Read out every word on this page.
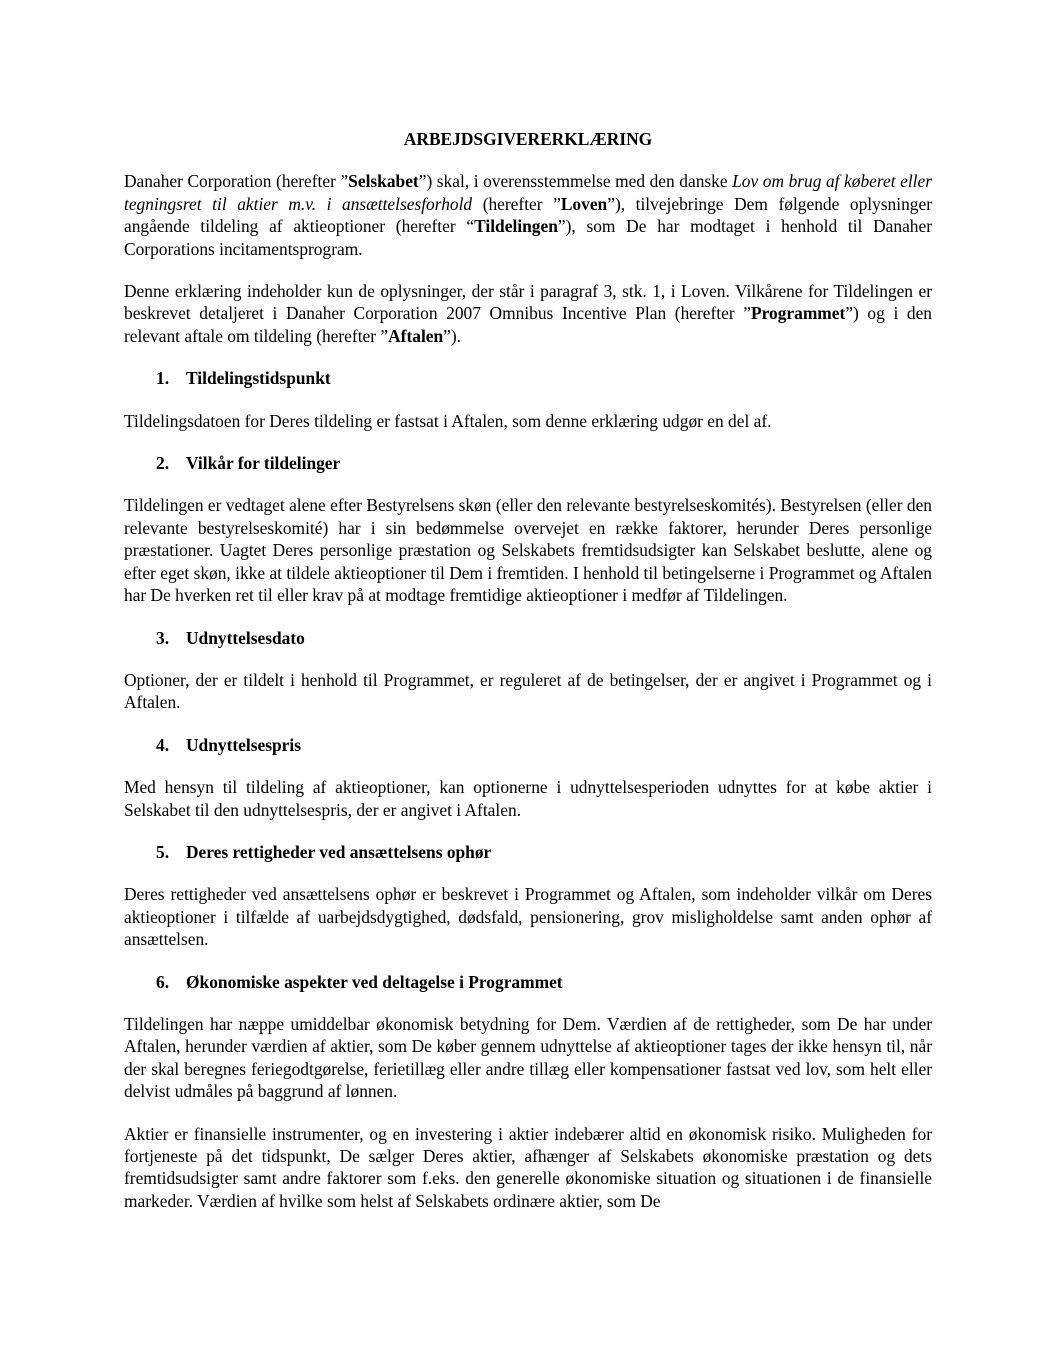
ARBEJDSGIVERERKLÆRING
Danaher Corporation (herefter ”Selskabet”) skal, i overensstemmelse med den danske Lov om brug af køberet eller tegningsret til aktier m.v. i ansættelsesforhold (herefter ”Loven”), tilvejebringe Dem følgende oplysninger angående tildeling af aktieoptioner (herefter “Tildelingen”), som De har modtaget i henhold til Danaher Corporations incitamentsprogram.
Denne erklæring indeholder kun de oplysninger, der står i paragraf 3, stk. 1, i Loven. Vilkårene for Tildelingen er beskrevet detaljeret i Danaher Corporation 2007 Omnibus Incentive Plan (herefter ”Programmet”) og i den relevant aftale om tildeling (herefter ”Aftalen”).
1. Tildelingstidspunkt
Tildelingsdatoen for Deres tildeling er fastsat i Aftalen, som denne erklæring udgør en del af.
2. Vilkår for tildelinger
Tildelingen er vedtaget alene efter Bestyrelsens skøn (eller den relevante bestyrelseskomités). Bestyrelsen (eller den relevante bestyrelseskomité) har i sin bedømmelse overvejet en række faktorer, herunder Deres personlige præstationer. Uagtet Deres personlige præstation og Selskabets fremtidsudsigter kan Selskabet beslutte, alene og efter eget skøn, ikke at tildele aktieoptioner til Dem i fremtiden. I henhold til betingelserne i Programmet og Aftalen har De hverken ret til eller krav på at modtage fremtidige aktieoptioner i medfør af Tildelingen.
3. Udnyttelsesdato
Optioner, der er tildelt i henhold til Programmet, er reguleret af de betingelser, der er angivet i Programmet og i Aftalen.
4. Udnyttelsespris
Med hensyn til tildeling af aktieoptioner, kan optionerne i udnyttelsesperioden udnyttes for at købe aktier i Selskabet til den udnyttelsespris, der er angivet i Aftalen.
5. Deres rettigheder ved ansættelsens ophør
Deres rettigheder ved ansættelsens ophør er beskrevet i Programmet og Aftalen, som indeholder vilkår om Deres aktieoptioner i tilfælde af uarbejdsdygtighed, dødsfald, pensionering, grov misligholdelse samt anden ophør af ansættelsen.
6. Økonomiske aspekter ved deltagelse i Programmet
Tildelingen har næppe umiddelbar økonomisk betydning for Dem. Værdien af de rettigheder, som De har under Aftalen, herunder værdien af aktier, som De køber gennem udnyttelse af aktieoptioner tages der ikke hensyn til, når der skal beregnes feriegodtgørelse, ferietillæg eller andre tillæg eller kompensationer fastsat ved lov, som helt eller delvist udmåles på baggrund af lønnen.
Aktier er finansielle instrumenter, og en investering i aktier indebærer altid en økonomisk risiko. Muligheden for fortjeneste på det tidspunkt, De sælger Deres aktier, afhænger af Selskabets økonomiske præstation og dets fremtidsudsigter samt andre faktorer som f.eks. den generelle økonomiske situation og situationen i de finansielle markeder. Værdien af hvilke som helst af Selskabets ordinære aktier, som De
